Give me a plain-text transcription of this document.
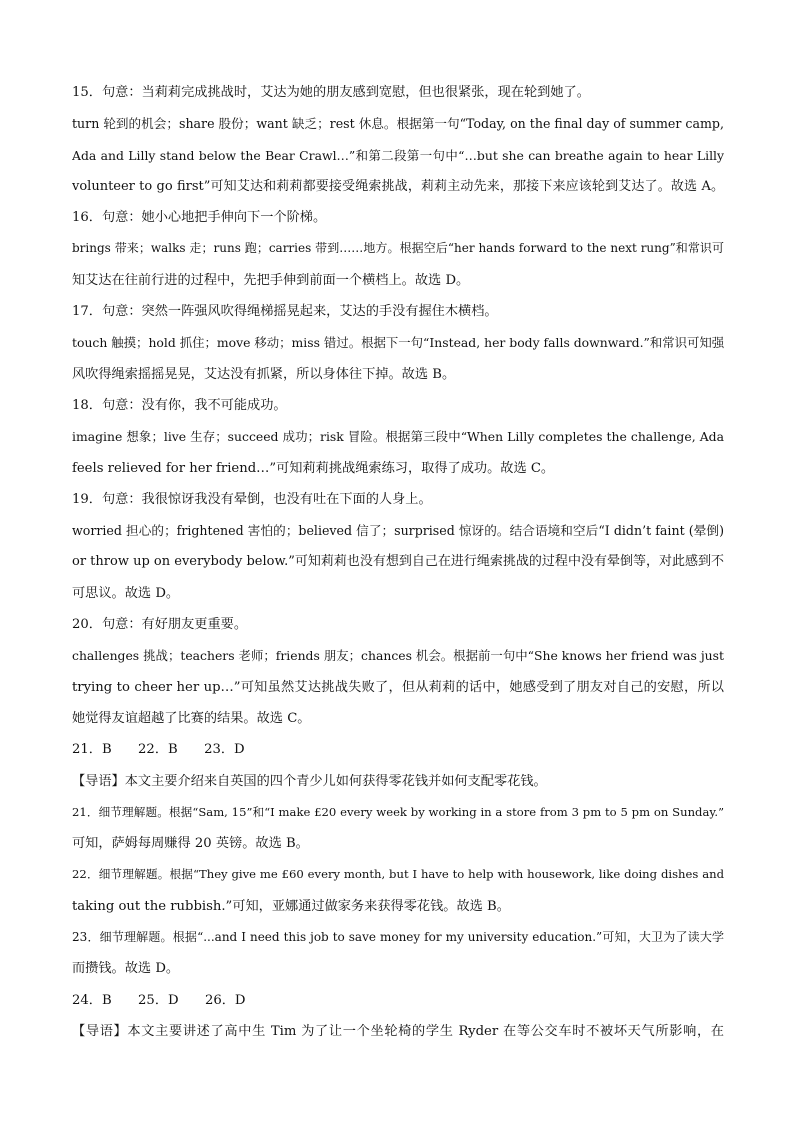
15．句意：当莉莉完成挑战时，艾达为她的朋友感到宽慰，但也很紧张，现在轮到她了。
turn 轮到的机会；share 股份；want 缺乏；rest 休息。根据第一句“Today, on the final day of summer camp,
Ada and Lilly stand below the Bear Crawl…”和第二段第一句中“…but she can breathe again to hear Lilly
volunteer to go first”可知艾达和莉莉都要接受绳索挑战，莉莉主动先来，那接下来应该轮到艾达了。故选 A。
16．句意：她小心地把手伸向下一个阶梯。
brings 带来；walks 走；runs 跑；carries 带到……地方。根据空后“her hands forward to the next rung”和常识可
知艾达在往前行进的过程中，先把手伸到前面一个横档上。故选 D。
17．句意：突然一阵强风吹得绳梯摇晃起来，艾达的手没有握住木横档。
touch 触摸；hold 抓住；move 移动；miss 错过。根据下一句“Instead, her body falls downward.”和常识可知强
风吹得绳索摇摇晃晃，艾达没有抓紧，所以身体往下掉。故选 B。
18．句意：没有你，我不可能成功。
imagine 想象；live 生存；succeed 成功；risk 冒险。根据第三段中“When Lilly completes the challenge, Ada
feels relieved for her friend…”可知莉莉挑战绳索练习，取得了成功。故选 C。
19．句意：我很惊讶我没有晕倒，也没有吐在下面的人身上。
worried 担心的；frightened 害怕的；believed 信了；surprised 惊讶的。结合语境和空后“I didn’t faint (晕倒)
or throw up on everybody below.”可知莉莉也没有想到自己在进行绳索挑战的过程中没有晕倒等，对此感到不
可思议。故选 D。
20．句意：有好朋友更重要。
challenges 挑战；teachers 老师；friends 朋友；chances 机会。根据前一句中“She knows her friend was just
trying to cheer her up…”可知虽然艾达挑战失败了，但从莉莉的话中，她感受到了朋友对自己的安慰，所以
她觉得友谊超越了比赛的结果。故选 C。
21．B　　22．B　　23．D
【导语】本文主要介绍来自英国的四个青少儿如何获得零花钱并如何支配零花钱。
21．细节理解题。根据“Sam, 15”和“I make £20 every week by working in a store from 3 pm to 5 pm on Sunday.”
可知，萨姆每周赚得 20 英镑。故选 B。
22．细节理解题。根据“They give me £60 every month, but I have to help with housework, like doing dishes and
taking out the rubbish.”可知，亚娜通过做家务来获得零花钱。故选 B。
23．细节理解题。根据“...and I need this job to save money for my university education.”可知，大卫为了读大学
而攒钱。故选 D。
24．B　　25．D　　26．D
【导语】本文主要讲述了高中生 Tim 为了让一个坐轮椅的学生 Ryder 在等公交车时不被坏天气所影响，在
